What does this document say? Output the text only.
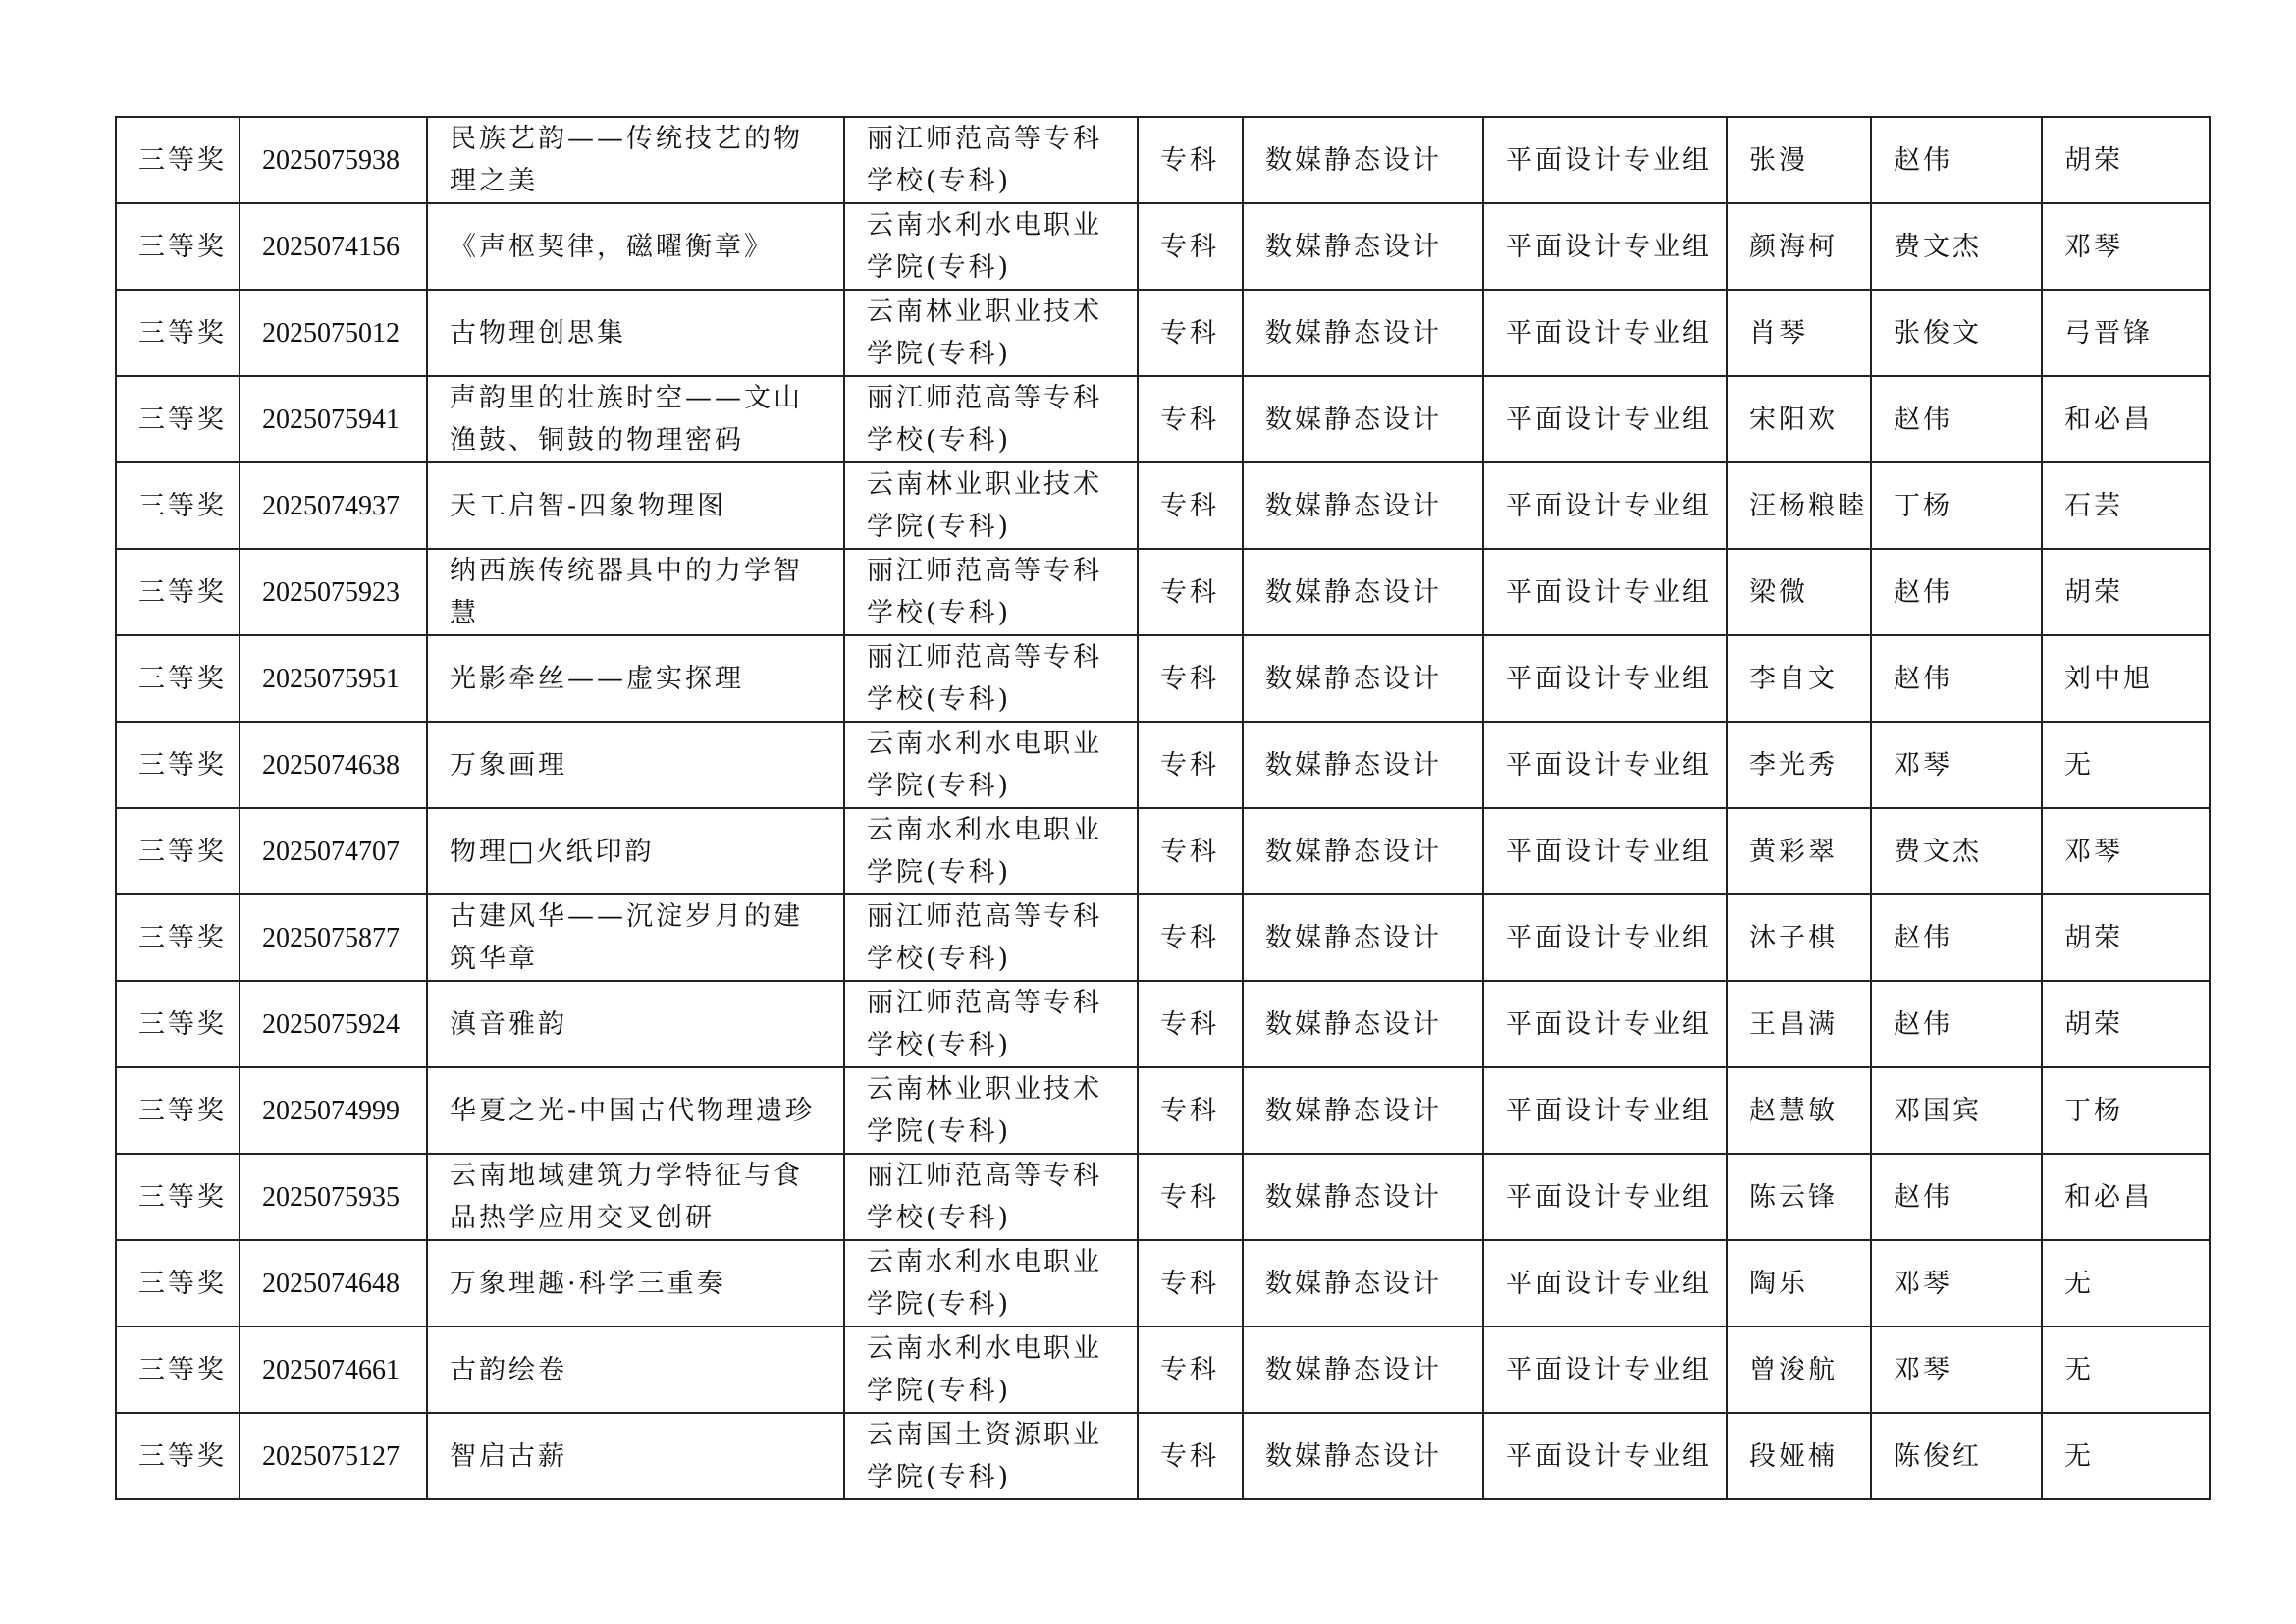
三等奖	2025075938	民族艺韵——传统技艺的物理之美	丽江师范高等专科学校(专科)	专科	数媒静态设计	平面设计专业组	张漫	赵伟	胡荣
三等奖	2025074156	《声枢契律，磁曜衡章》	云南水利水电职业学院(专科)	专科	数媒静态设计	平面设计专业组	颜海柯	费文杰	邓琴
三等奖	2025075012	古物理创思集	云南林业职业技术学院(专科)	专科	数媒静态设计	平面设计专业组	肖琴	张俊文	弓晋锋
三等奖	2025075941	声韵里的壮族时空——文山渔鼓、铜鼓的物理密码	丽江师范高等专科学校(专科)	专科	数媒静态设计	平面设计专业组	宋阳欢	赵伟	和必昌
三等奖	2025074937	天工启智-四象物理图	云南林业职业技术学院(专科)	专科	数媒静态设计	平面设计专业组	汪杨粮睦	丁杨	石芸
三等奖	2025075923	纳西族传统器具中的力学智慧	丽江师范高等专科学校(专科)	专科	数媒静态设计	平面设计专业组	梁微	赵伟	胡荣
三等奖	2025075951	光影牵丝——虚实探理	丽江师范高等专科学校(专科)	专科	数媒静态设计	平面设计专业组	李自文	赵伟	刘中旭
三等奖	2025074638	万象画理	云南水利水电职业学院(专科)	专科	数媒静态设计	平面设计专业组	李光秀	邓琴	无
三等奖	2025074707	物理□火纸印韵	云南水利水电职业学院(专科)	专科	数媒静态设计	平面设计专业组	黄彩翠	费文杰	邓琴
三等奖	2025075877	古建风华——沉淀岁月的建筑华章	丽江师范高等专科学校(专科)	专科	数媒静态设计	平面设计专业组	沐子棋	赵伟	胡荣
三等奖	2025075924	滇音雅韵	丽江师范高等专科学校(专科)	专科	数媒静态设计	平面设计专业组	王昌满	赵伟	胡荣
三等奖	2025074999	华夏之光-中国古代物理遗珍	云南林业职业技术学院(专科)	专科	数媒静态设计	平面设计专业组	赵慧敏	邓国宾	丁杨
三等奖	2025075935	云南地域建筑力学特征与食品热学应用交叉创研	丽江师范高等专科学校(专科)	专科	数媒静态设计	平面设计专业组	陈云锋	赵伟	和必昌
三等奖	2025074648	万象理趣·科学三重奏	云南水利水电职业学院(专科)	专科	数媒静态设计	平面设计专业组	陶乐	邓琴	无
三等奖	2025074661	古韵绘卷	云南水利水电职业学院(专科)	专科	数媒静态设计	平面设计专业组	曾浚航	邓琴	无
三等奖	2025075127	智启古薪	云南国土资源职业学院(专科)	专科	数媒静态设计	平面设计专业组	段娅楠	陈俊红	无
